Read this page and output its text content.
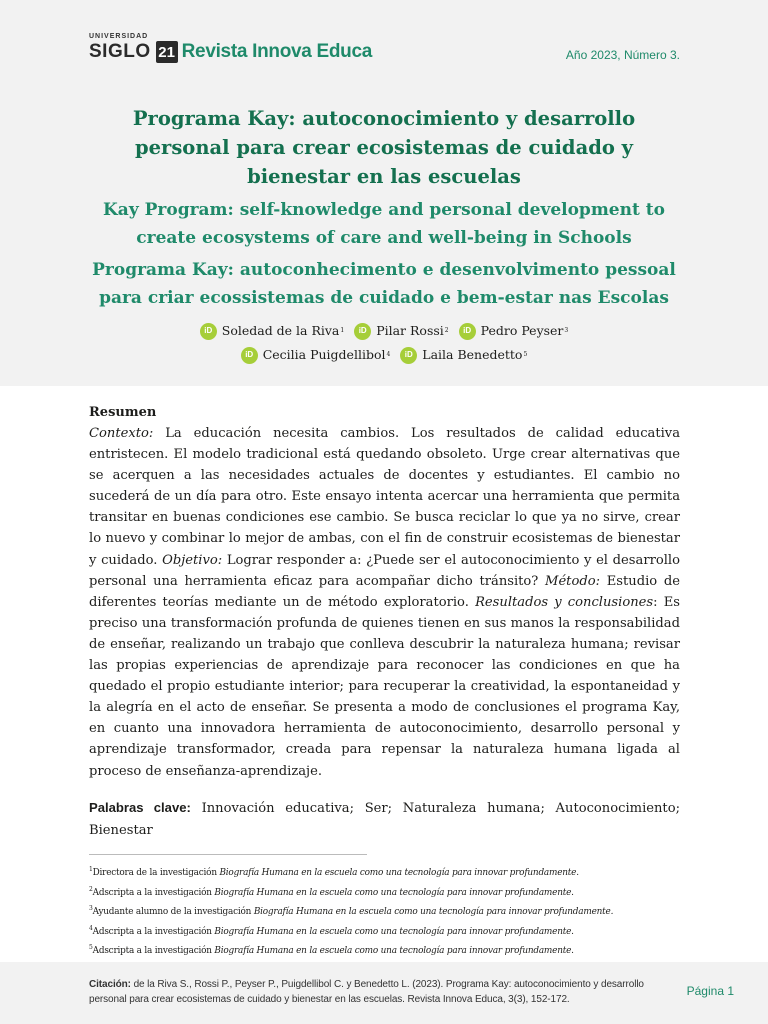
UNIVERSIDAD
SIGLO 21 Revista Innova Educa	Año 2023, Número 3.
Programa Kay: autoconocimiento y desarrollo personal para crear ecosistemas de cuidado y bienestar en las escuelas
Kay Program: self-knowledge and personal development to create ecosystems of care and well-being in Schools
Programa Kay: autoconhecimento e desenvolvimento pessoal para criar ecossistemas de cuidado e bem-estar nas Escolas
iD Soledad de la Riva 1
	iD Pilar Rossi 2
	iD Pedro Peyser 3

iD Cecilia Puigdellibol 4
	iD Laila Benedetto 5
Resumen

Contexto: La educación necesita cambios. Los resultados de calidad educativa entristecen. El modelo tradicional está quedando obsoleto. Urge crear alternativas que se acerquen a las necesidades actuales de docentes y estudiantes. El cambio no sucederá de un día para otro. Este ensayo intenta acercar una herramienta que permita transitar en buenas condiciones ese cambio. Se busca reciclar lo que ya no sirve, crear lo nuevo y combinar lo mejor de ambas, con el fin de construir ecosistemas de bienestar y cuidado. Objetivo: Lograr responder a: ¿Puede ser el autoconocimiento y el desarrollo personal una herramienta eficaz para acompañar dicho tránsito? Método: Estudio de diferentes teorías mediante un de método exploratorio. Resultados y conclusiones: Es preciso una transformación profunda de quienes tienen en sus manos la responsabilidad de enseñar, realizando un trabajo que conlleva descubrir la naturaleza humana; revisar las propias experiencias de aprendizaje para reconocer las condiciones en que ha quedado el propio estudiante interior; para recuperar la creatividad, la espontaneidad y la alegría en el acto de enseñar. Se presenta a modo de conclusiones el programa Kay, en cuanto una innovadora herramienta de autoconocimiento, desarrollo personal y aprendizaje transformador, creada para repensar la naturaleza humana ligada al proceso de enseñanza-aprendizaje.

Palabras clave: Innovación educativa; Ser; Naturaleza humana; Autoconocimiento; Bienestar

$^1$Directora de la investigación Biografía Humana en la escuela como una tecnología para innovar profundamente.
$^2$Adscripta a la investigación Biografía Humana en la escuela como una tecnología para innovar profundamente.
$^3$Ayudante alumno de la investigación Biografía Humana en la escuela como una tecnología para innovar profundamente.
$^4$Adscripta a la investigación Biografía Humana en la escuela como una tecnología para innovar profundamente.
$^5$Adscripta a la investigación Biografía Humana en la escuela como una tecnología para innovar profundamente.

Citación: de la Riva S., Rossi P., Peyser P., Puigdellibol C. y Benedetto L. (2023). Programa Kay: autoconocimiento y desarrollo personal para crear ecosistemas de cuidado y bienestar en las escuelas. Revista Innova Educa, 3(3), 152-172.

Página 1
